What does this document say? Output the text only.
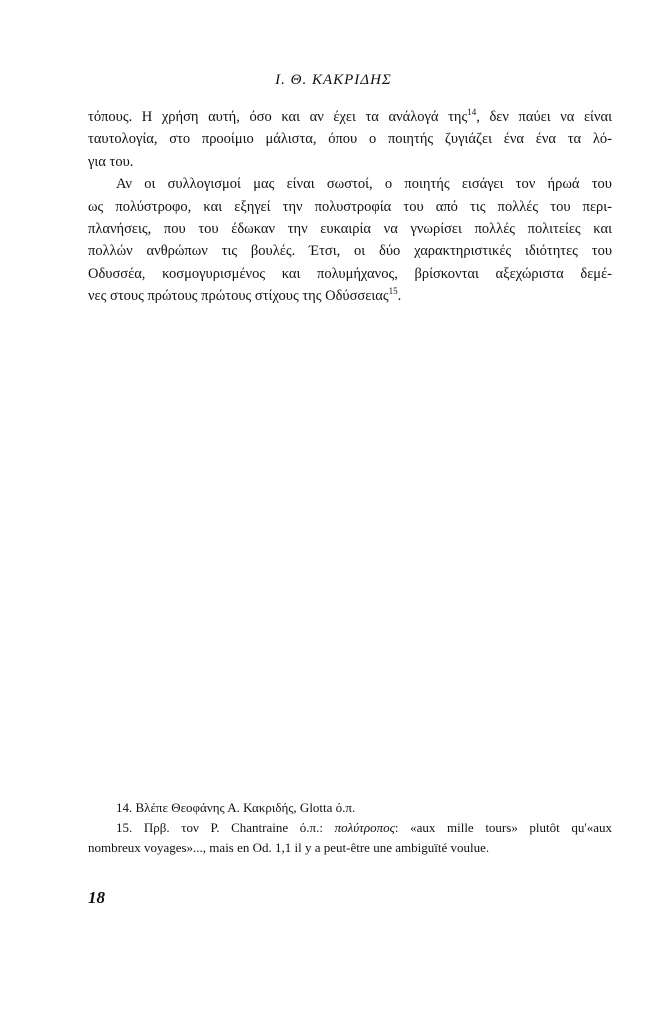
Ι. Θ. ΚΑΚΡΙΔΗΣ
τόπους. Η χρήση αυτή, όσο και αν έχει τα ανάλογά της$^{14}$, δεν παύει να είναι
ταυτολογία, στο προοίμιο μάλιστα, όπου ο ποιητής ζυγιάζει ένα ένα τα λό-
για του.
Αν οι συλλογισμοί μας είναι σωστοί, ο ποιητής εισάγει τον ήρωά του
ως πολύστροφο, και εξηγεί την πολυστροφία του από τις πολλές του περι-
πλανήσεις, που του έδωκαν την ευκαιρία να γνωρίσει πολλές πολιτείες και
πολλών ανθρώπων τις βουλές. Έτσι, οι δύο χαρακτηριστικές ιδιότητες του
Οδυσσέα, κοσμογυρισμένος και πολυμήχανος, βρίσκονται αξεχώριστα δεμέ-
νες στους πρώτους πρώτους στίχους της Οδύσσειας$^{15}$.
14. Βλέπε Θεοφάνης Α. Κακριδής, Glotta ό.π.
15. Πρβ. τον P. Chantraine ό.π.: πολύτροπος: «aux mille tours» plutôt qu'«aux
nombreux voyages»..., mais en Od. 1,1 il y a peut-être une ambiguïté voulue.
18
